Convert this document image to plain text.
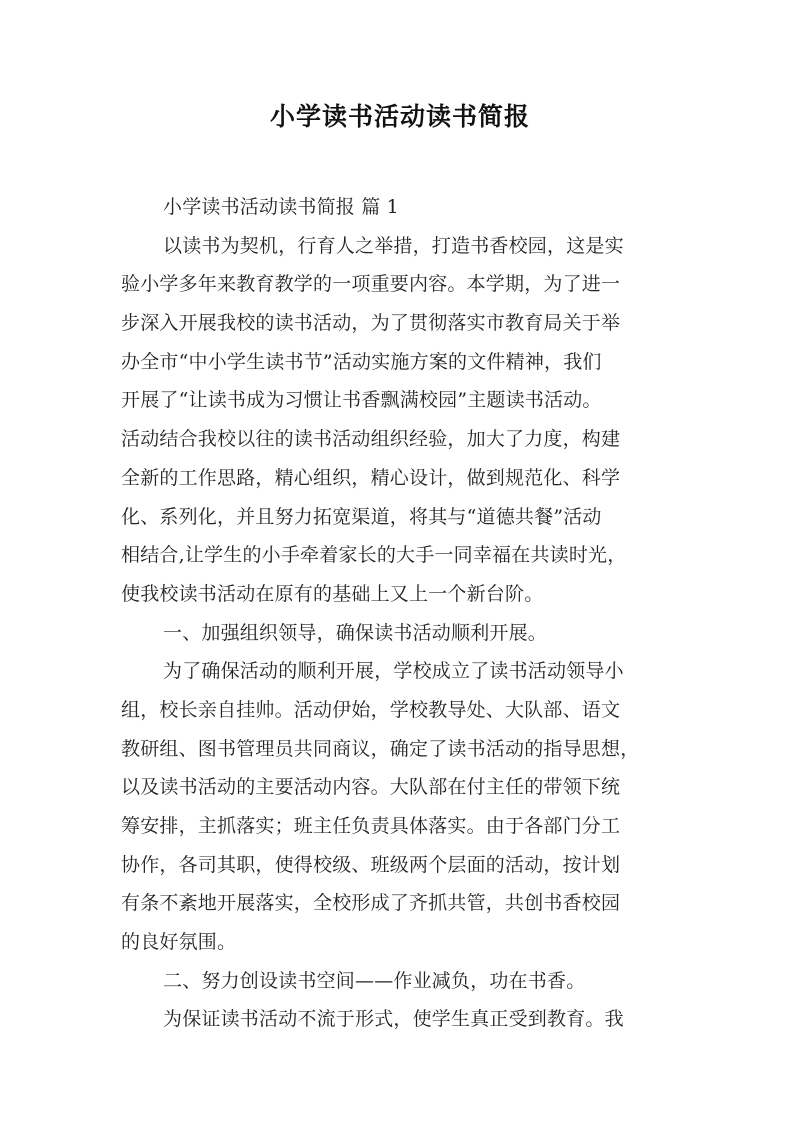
小学读书活动读书简报
小学读书活动读书简报 篇 1
以读书为契机，行育人之举措，打造书香校园，这是实
验小学多年来教育教学的一项重要内容。本学期，为了进一
步深入开展我校的读书活动，为了贯彻落实市教育局关于举
办全市“中小学生读书节”活动实施方案的文件精神，我们
开展了“让读书成为习惯让书香飘满校园”主题读书活动。
活动结合我校以往的读书活动组织经验，加大了力度，构建
全新的工作思路，精心组织，精心设计，做到规范化、科学
化、系列化，并且努力拓宽渠道，将其与“道德共餐”活动
相结合,让学生的小手牵着家长的大手一同幸福在共读时光，
使我校读书活动在原有的基础上又上一个新台阶。
一、加强组织领导，确保读书活动顺利开展。
为了确保活动的顺利开展，学校成立了读书活动领导小
组，校长亲自挂帅。活动伊始，学校教导处、大队部、语文
教研组、图书管理员共同商议，确定了读书活动的指导思想，
以及读书活动的主要活动内容。大队部在付主任的带领下统
筹安排，主抓落实；班主任负责具体落实。由于各部门分工
协作，各司其职，使得校级、班级两个层面的活动，按计划
有条不紊地开展落实，全校形成了齐抓共管，共创书香校园
的良好氛围。
二、努力创设读书空间——作业减负，功在书香。
为保证读书活动不流于形式，使学生真正受到教育。我
